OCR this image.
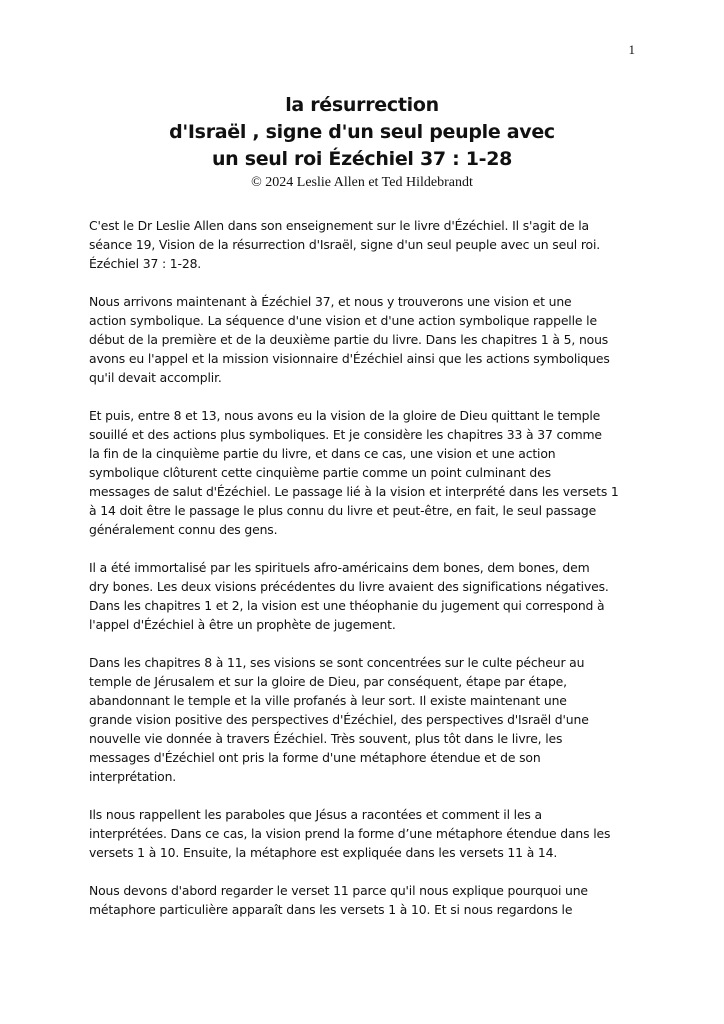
1
la résurrection
d'Israël , signe d'un seul peuple avec
un seul roi Ézéchiel 37 : 1-28
© 2024 Leslie Allen et Ted Hildebrandt

C'est le Dr Leslie Allen dans son enseignement sur le livre d'Ézéchiel. Il s'agit de la
séance 19, Vision de la résurrection d'Israël, signe d'un seul peuple avec un seul roi.
Ézéchiel 37 : 1-28.

Nous arrivons maintenant à Ézéchiel 37, et nous y trouverons une vision et une
action symbolique. La séquence d'une vision et d'une action symbolique rappelle le
début de la première et de la deuxième partie du livre. Dans les chapitres 1 à 5, nous
avons eu l'appel et la mission visionnaire d'Ézéchiel ainsi que les actions symboliques
qu'il devait accomplir.

Et puis, entre 8 et 13, nous avons eu la vision de la gloire de Dieu quittant le temple
souillé et des actions plus symboliques. Et je considère les chapitres 33 à 37 comme
la fin de la cinquième partie du livre, et dans ce cas, une vision et une action
symbolique clôturent cette cinquième partie comme un point culminant des
messages de salut d'Ézéchiel. Le passage lié à la vision et interprété dans les versets 1
à 14 doit être le passage le plus connu du livre et peut-être, en fait, le seul passage
généralement connu des gens.

Il a été immortalisé par les spirituels afro-américains dem bones, dem bones, dem
dry bones. Les deux visions précédentes du livre avaient des significations négatives.
Dans les chapitres 1 et 2, la vision est une théophanie du jugement qui correspond à
l'appel d'Ézéchiel à être un prophète de jugement.

Dans les chapitres 8 à 11, ses visions se sont concentrées sur le culte pécheur au
temple de Jérusalem et sur la gloire de Dieu, par conséquent, étape par étape,
abandonnant le temple et la ville profanés à leur sort. Il existe maintenant une
grande vision positive des perspectives d'Ézéchiel, des perspectives d'Israël d'une
nouvelle vie donnée à travers Ézéchiel. Très souvent, plus tôt dans le livre, les
messages d'Ézéchiel ont pris la forme d'une métaphore étendue et de son
interprétation.

Ils nous rappellent les paraboles que Jésus a racontées et comment il les a
interprétées. Dans ce cas, la vision prend la forme d’une métaphore étendue dans les
versets 1 à 10. Ensuite, la métaphore est expliquée dans les versets 11 à 14.

Nous devons d'abord regarder le verset 11 parce qu'il nous explique pourquoi une
métaphore particulière apparaît dans les versets 1 à 10. Et si nous regardons le
